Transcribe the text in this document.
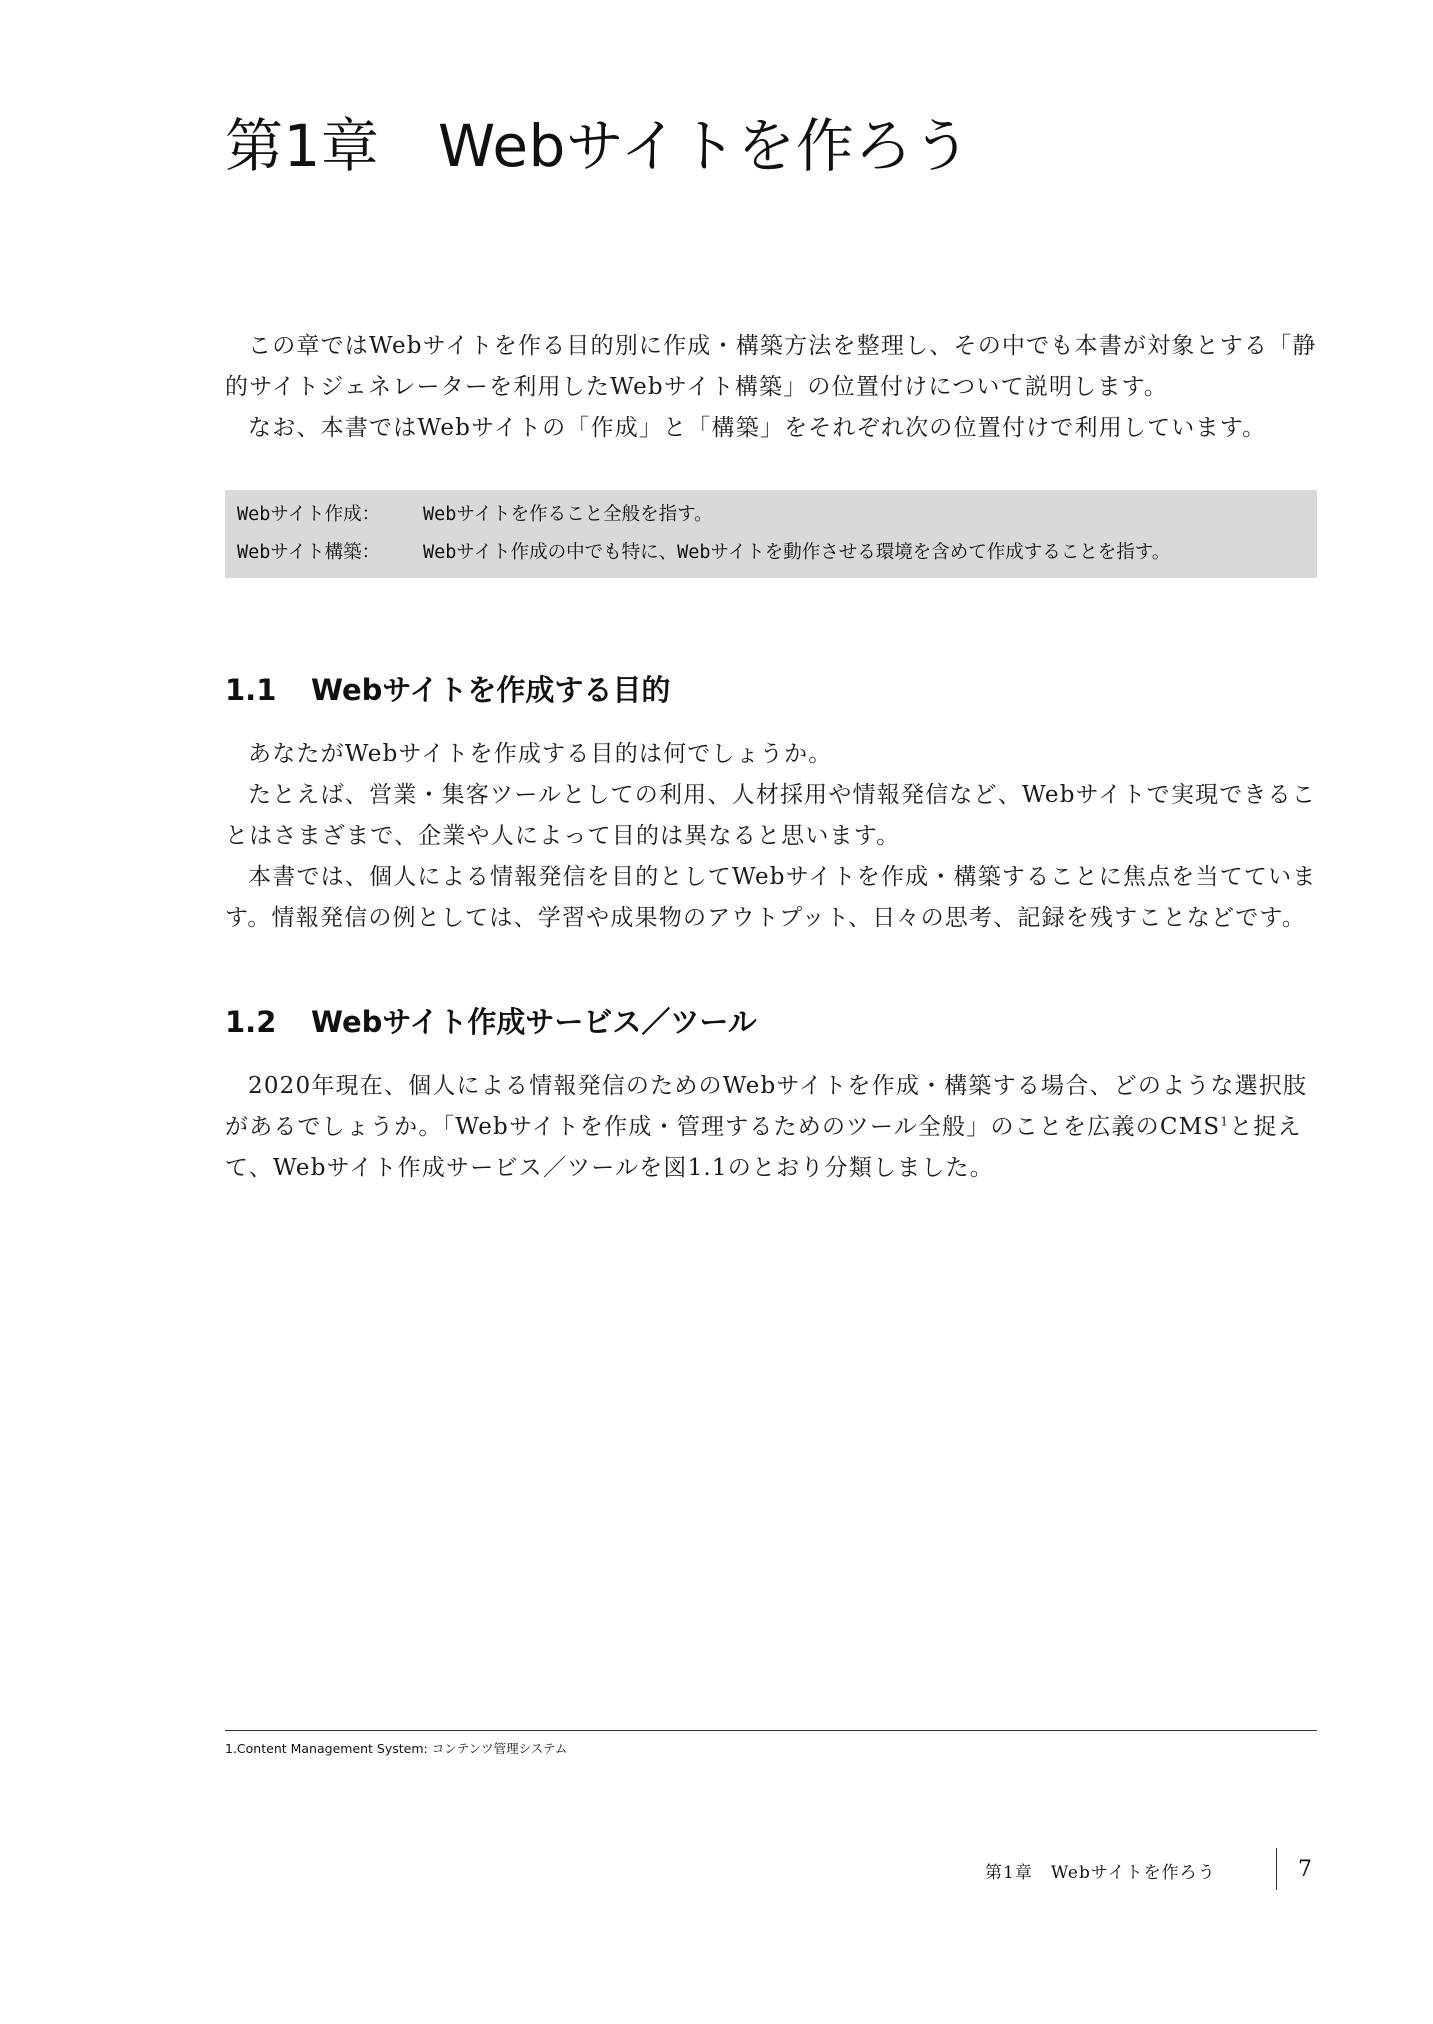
第1章　Webサイトを作ろう

この章ではWebサイトを作る目的別に作成・構築方法を整理し、その中でも本書が対象とする「静的サイトジェネレーターを利用したWebサイト構築」の位置付けについて説明します。

なお、本書ではWebサイトの「作成」と「構築」をそれぞれ次の位置付けで利用しています。

Webサイト作成：	Webサイトを作ること全般を指す。
Webサイト構築：	Webサイト作成の中でも特に、Webサイトを動作させる環境を含めて作成することを指す。
1.1 Webサイトを作成する目的

あなたがWebサイトを作成する目的は何でしょうか。

たとえば、営業・集客ツールとしての利用、人材採用や情報発信など、Webサイトで実現できることはさまざまで、企業や人によって目的は異なると思います。

本書では、個人による情報発信を目的としてWebサイトを作成・構築することに焦点を当てています。情報発信の例としては、学習や成果物のアウトプット、日々の思考、記録を残すことなどです。

1.2 Webサイト作成サービス／ツール

2020年現在、個人による情報発信のためのWebサイトを作成・構築する場合、どのような選択肢があるでしょうか。「Webサイトを作成・管理するためのツール全般」のことを広義のCMS$^1$と捉えて、Webサイト作成サービス／ツールを図1.1のとおり分類しました。

1.Content Management System: コンテンツ管理システム
第1章　Webサイトを作ろう	7
